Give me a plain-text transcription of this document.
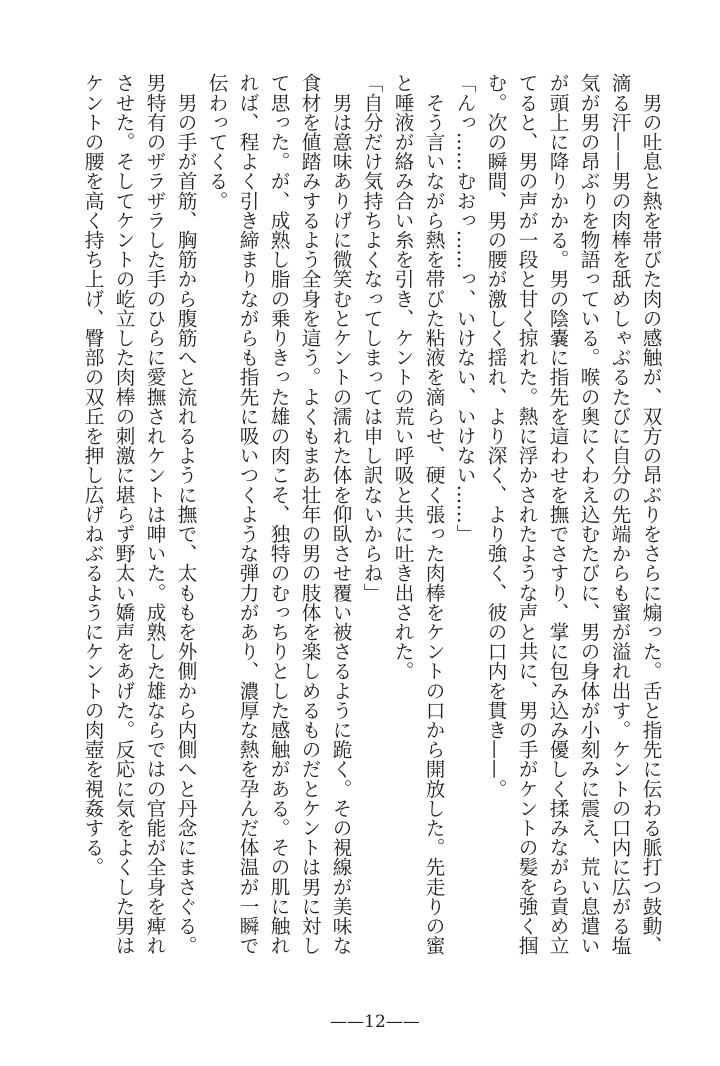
　男の吐息と熱を帯びた肉の感触が、双方の昂ぶりをさらに煽った。舌と指先に伝わる脈打つ鼓動、
滴る汗——男の肉棒を舐めしゃぶるたびに自分の先端からも蜜が溢れ出す。ケントの口内に広がる塩
気が男の昂ぶりを物語っている。喉の奥にくわえ込むたびに、男の身体が小刻みに震え、荒い息遣い
が頭上に降りかかる。男の陰嚢に指先を這わせを撫でさすり、掌に包み込み優しく揉みながら責め立
てると、男の声が一段と甘く掠れた。熱に浮かされたような声と共に、男の手がケントの髪を強く掴
む。次の瞬間、男の腰が激しく揺れ、より深く、より強く、彼の口内を貫き——。
「んっ……むおっ……っ、いけない、いけない……」
　そう言いながら熱を帯びた粘液を滴らせ、硬く張った肉棒をケントの口から開放した。先走りの蜜
と唾液が絡み合い糸を引き、ケントの荒い呼吸と共に吐き出された。
「自分だけ気持ちよくなってしまっては申し訳ないからね」
　男は意味ありげに微笑むとケントの濡れた体を仰臥させ覆い被さるように跪く。その視線が美味な
食材を値踏みするよう全身を這う。よくもまあ壮年の男の肢体を楽しめるものだとケントは男に対し
て思った。が、成熟し脂の乗りきった雄の肉こそ、独特のむっちりとした感触がある。その肌に触れ
れば、程よく引き締まりながらも指先に吸いつくような弾力があり、濃厚な熱を孕んだ体温が一瞬で
伝わってくる。
　男の手が首筋、胸筋から腹筋へと流れるように撫で、太ももを外側から内側へと丹念にまさぐる。
男特有のザラザラした手のひらに愛撫されケントは呻いた。成熟した雄ならではの官能が全身を痺れ
させた。そしてケントの屹立した肉棒の刺激に堪らず野太い嬌声をあげた。反応に気をよくした男は
ケントの腰を高く持ち上げ、臀部の双丘を押し広げねぶるようにケントの肉壺を視姦する。
——12——
